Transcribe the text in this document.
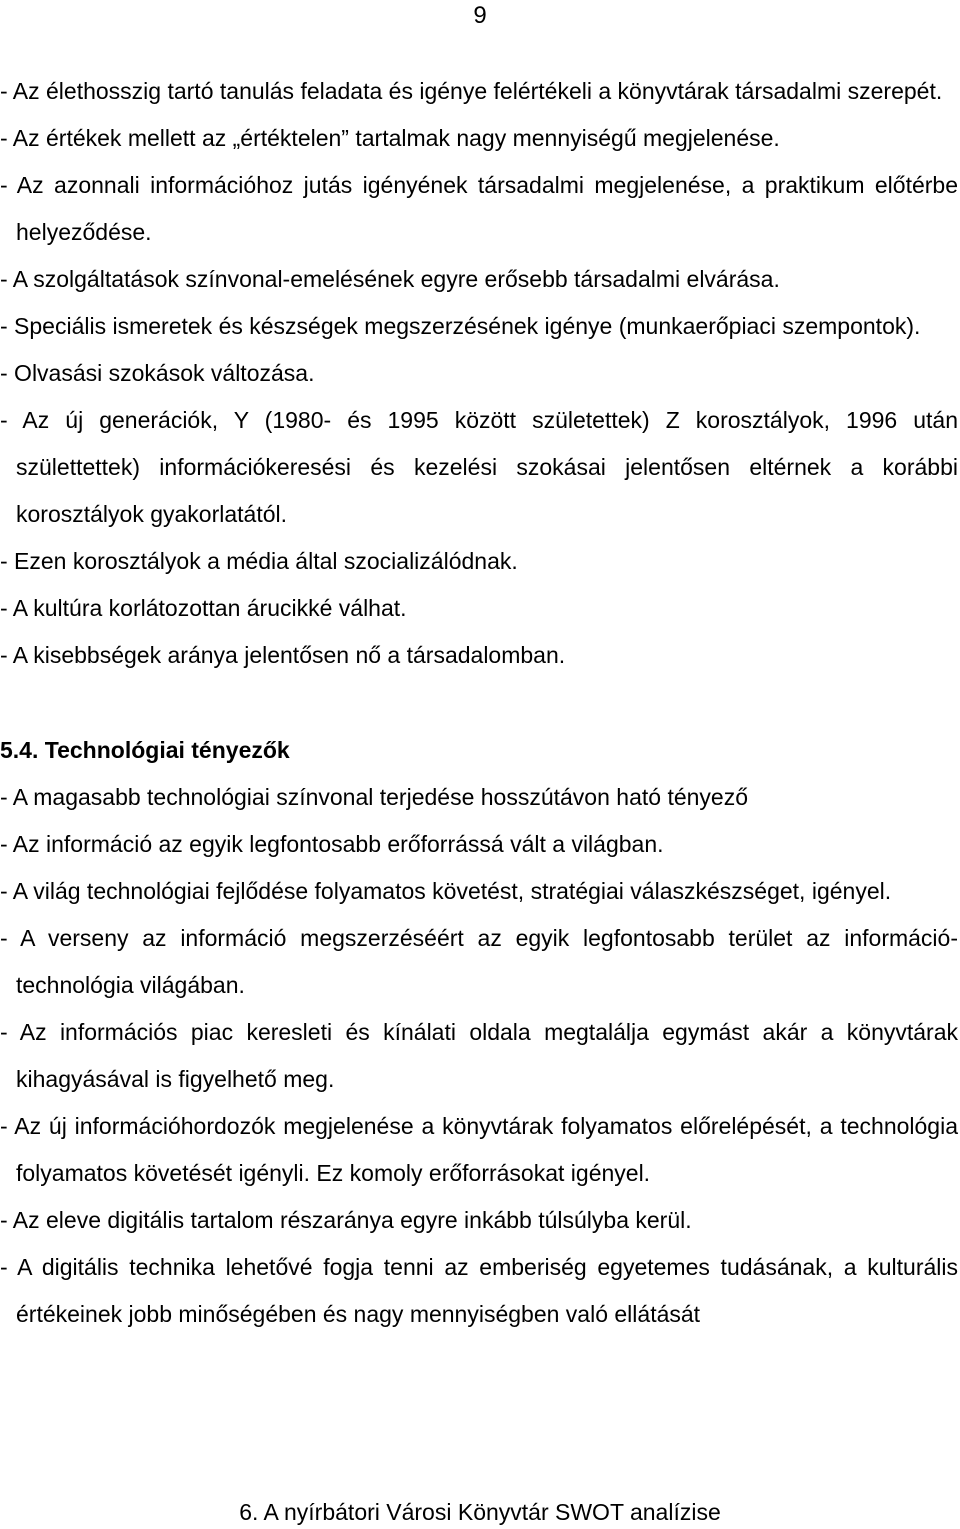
9

- Az élethosszig tartó tanulás feladata és igénye felértékeli a könyvtárak társadalmi szerepét.

- Az értékek mellett az „értéktelen” tartalmak nagy mennyiségű megjelenése.

- Az azonnali információhoz jutás igényének társadalmi megjelenése, a praktikum előtérbe helyeződése.

- A szolgáltatások színvonal-emelésének egyre erősebb társadalmi elvárása.

- Speciális ismeretek és készségek megszerzésének igénye (munkaerőpiaci szempontok).

- Olvasási szokások változása.

- Az új generációk, Y (1980- és 1995 között születettek) Z korosztályok, 1996 után születtettek) információkeresési és kezelési szokásai jelentősen eltérnek a korábbi korosztályok gyakorlatától.

- Ezen korosztályok a média által szocializálódnak.

- A kultúra korlátozottan árucikké válhat.

- A kisebbségek aránya jelentősen nő a társadalomban.

5.4. Technológiai tényezők

- A magasabb technológiai színvonal terjedése hosszútávon ható tényező

- Az információ az egyik legfontosabb erőforrássá vált a világban.

- A világ technológiai fejlődése folyamatos követést, stratégiai válaszkészséget, igényel.

- A verseny az információ megszerzéséért az egyik legfontosabb terület az információ-technológia világában.

- Az információs piac keresleti és kínálati oldala megtalálja egymást akár a könyvtárak kihagyásával is figyelhető meg.

- Az új információhordozók megjelenése a könyvtárak folyamatos előrelépését, a technológia folyamatos követését igényli. Ez komoly erőforrásokat igényel.

- Az eleve digitális tartalom részaránya egyre inkább túlsúlyba kerül.

- A digitális technika lehetővé fogja tenni az emberiség egyetemes tudásának, a kulturális értékeinek jobb minőségében és nagy mennyiségben való ellátását

6. A nyírbátori Városi Könyvtár SWOT analízise
